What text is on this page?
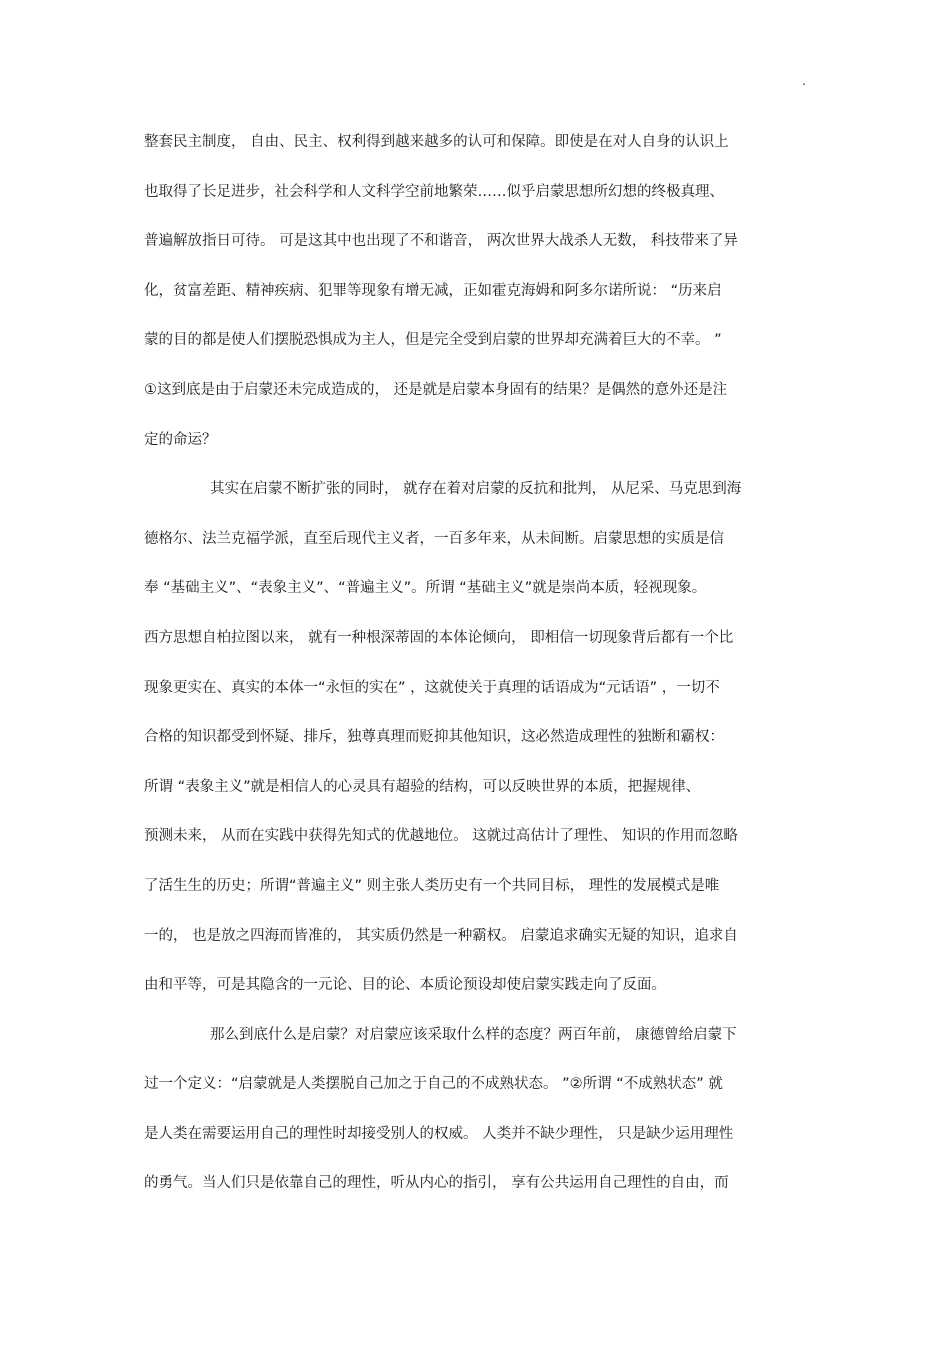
.
整套民主制度， 自由、民主、权利得到越来越多的认可和保障。即使是在对人自身的认识上
也取得了长足进步，社会科学和人文科学空前地繁荣……似乎启蒙思想所幻想的终极真理、
普遍解放指日可待。 可是这其中也出现了不和谐音， 两次世界大战杀人无数， 科技带来了异
化，贫富差距、精神疾病、犯罪等现象有增无减，正如霍克海姆和阿多尔诺所说： “历来启
蒙的目的都是使人们摆脱恐惧成为主人，但是完全受到启蒙的世界却充满着巨大的不幸。 ”
①这到底是由于启蒙还未完成造成的， 还是就是启蒙本身固有的结果？是偶然的意外还是注
定的命运？
其实在启蒙不断扩张的同时， 就存在着对启蒙的反抗和批判， 从尼采、马克思到海
德格尔、法兰克福学派，直至后现代主义者，一百多年来，从未间断。启蒙思想的实质是信
奉 “基础主义”、“表象主义”、“普遍主义”。所谓 “基础主义”就是崇尚本质，轻视现象。
西方思想自柏拉图以来， 就有一种根深蒂固的本体论倾向， 即相信一切现象背后都有一个比
现象更实在、真实的本体一“永恒的实在” ，这就使关于真理的话语成为“元话语” ，一切不
合格的知识都受到怀疑、排斥，独尊真理而贬抑其他知识，这必然造成理性的独断和霸权：
所谓 “表象主义”就是相信人的心灵具有超验的结构，可以反映世界的本质，把握规律、
预测未来， 从而在实践中获得先知式的优越地位。 这就过高估计了理性、 知识的作用而忽略
了活生生的历史；所谓“普遍主义” 则主张人类历史有一个共同目标， 理性的发展模式是唯
一的， 也是放之四海而皆准的， 其实质仍然是一种霸权。 启蒙追求确实无疑的知识，追求自
由和平等，可是其隐含的一元论、目的论、本质论预设却使启蒙实践走向了反面。
那么到底什么是启蒙？对启蒙应该采取什么样的态度？两百年前， 康德曾给启蒙下
过一个定义：“启蒙就是人类摆脱自己加之于自己的不成熟状态。 ”②所谓 “不成熟状态” 就
是人类在需要运用自己的理性时却接受别人的权威。 人类并不缺少理性， 只是缺少运用理性
的勇气。当人们只是依靠自己的理性，听从内心的指引， 享有公共运用自己理性的自由，而
